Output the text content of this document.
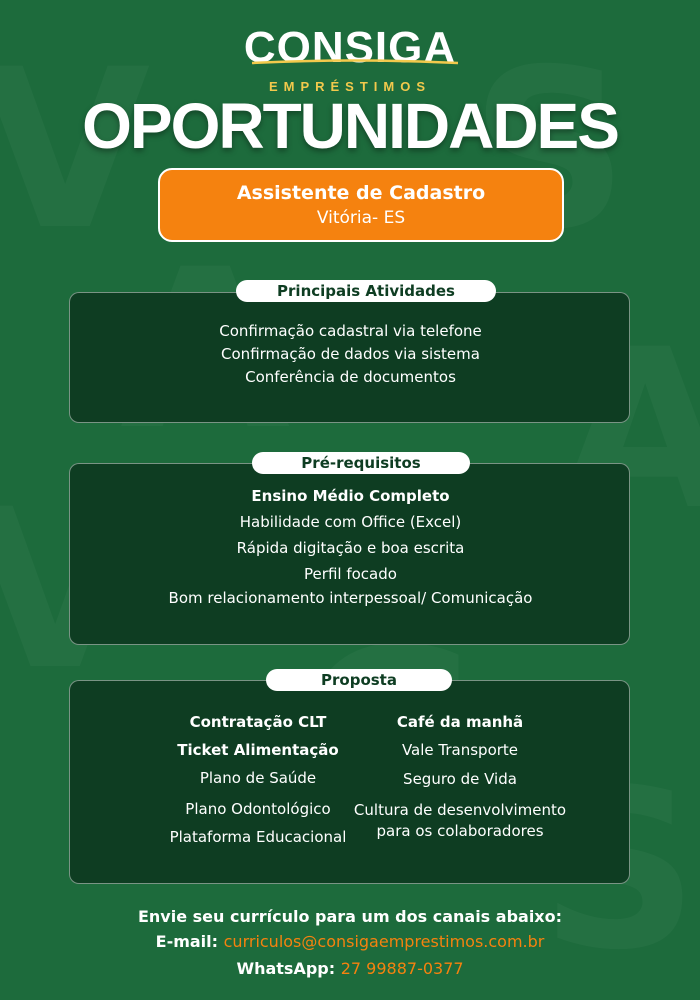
CONSIGA
EMPRÉSTIMOS
OPORTUNIDADES
Assistente de Cadastro
Vitória- ES
Confirmação cadastral via telefone
Confirmação de dados via sistema
Conferência de documentos
Principais Atividades
Ensino Médio Completo
Habilidade com Office (Excel)
Rápida digitação e boa escrita
Perfil focado
Bom relacionamento interpessoal/ Comunicação
Pré-requisitos
Contratação CLT
Ticket Alimentação
Plano de Saúde
Plano Odontológico
Plataforma Educacional
Café da manhã
Vale Transporte
Seguro de Vida
Cultura de desenvolvimento
para os colaboradores
Proposta
Envie seu currículo para um dos canais abaixo:
E-mail: curriculos@consigaemprestimos.com.br
WhatsApp: 27 99887-0377
